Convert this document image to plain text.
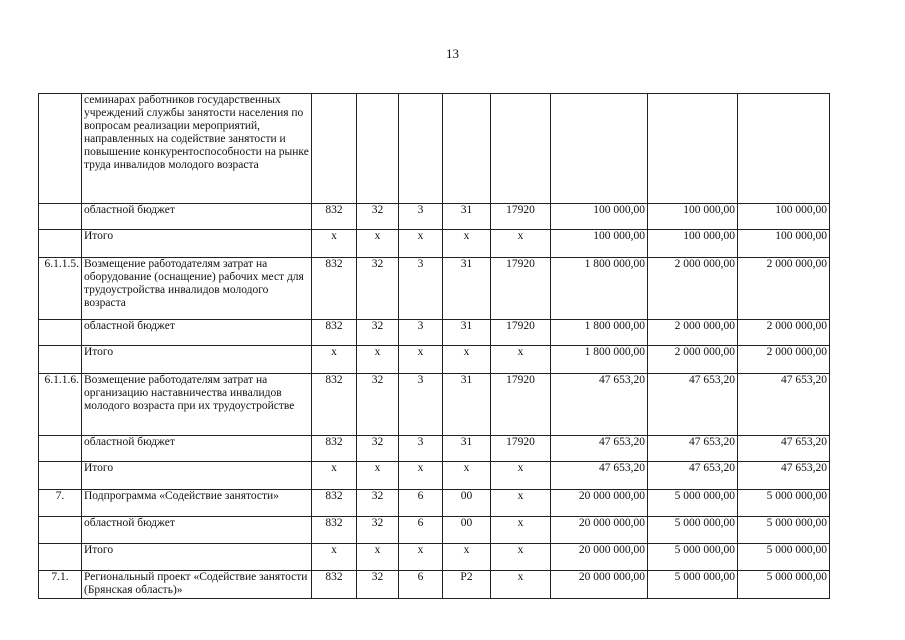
13
	семинарах работников государственных учреждений службы занятости населения по вопросам реализации мероприятий, направленных на содействие занятости и повышение конкурентоспособности на рынке труда инвалидов молодого возраста								
	областной бюджет	832	32	3	31	17920	100 000,00	100 000,00	100 000,00
	Итого	х	х	х	х	х	100 000,00	100 000,00	100 000,00
6.1.1.5.	Возмещение работодателям затрат на оборудование (оснащение) рабочих мест для трудоустройства инвалидов молодого возраста	832	32	3	31	17920	1 800 000,00	2 000 000,00	2 000 000,00
	областной бюджет	832	32	3	31	17920	1 800 000,00	2 000 000,00	2 000 000,00
	Итого	х	х	х	х	х	1 800 000,00	2 000 000,00	2 000 000,00
6.1.1.6.	Возмещение работодателям затрат на организацию наставничества инвалидов молодого возраста при их трудоустройстве	832	32	3	31	17920	47 653,20	47 653,20	47 653,20
	областной бюджет	832	32	3	31	17920	47 653,20	47 653,20	47 653,20
	Итого	х	х	х	х	х	47 653,20	47 653,20	47 653,20
7.	Подпрограмма «Содействие занятости»	832	32	6	00	х	20 000 000,00	5 000 000,00	5 000 000,00
	областной бюджет	832	32	6	00	х	20 000 000,00	5 000 000,00	5 000 000,00
	Итого	х	х	х	х	х	20 000 000,00	5 000 000,00	5 000 000,00
7.1.	Региональный проект «Содействие занятости (Брянская область)»	832	32	6	Р2	х	20 000 000,00	5 000 000,00	5 000 000,00
